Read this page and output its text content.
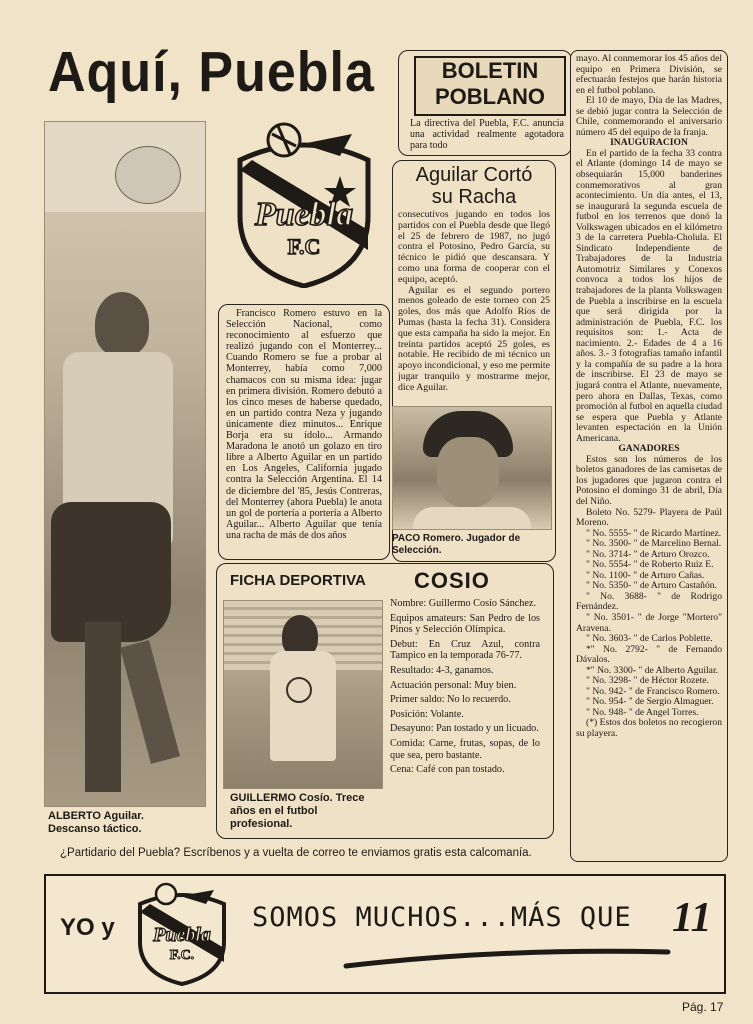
Aquí, Puebla
ALBERTO Aguilar. Descanso táctico.
Puebla
F.C
BOLETIN
POBLANO
La directiva del Puebla, F.C. anuncia una actividad realmente agotadora para todo
Aguilar Cortó
su Racha

consecutivos jugando en todos los partidos con el Puebla desde que llegó el 25 de febrero de 1987, no jugó contra el Potosino, Pedro García, su técnico le pidió que descansara. Y como una forma de cooperar con el equipo, aceptó.

Aguilar es el segundo portero menos goleado de este torneo con 25 goles, dos más que Adolfo Ríos de Pumas (hasta la fecha 31). Considera que esta campaña ha sido la mejor. En treinta partidos aceptó 25 goles, es notable. He recibido de mi técnico un apoyo incondicional, y eso me permite jugar tranquilo y mostrarme mejor, dice Aguilar.

PACO Romero. Jugador de Selección.

Francisco Romero estuvo en la Selección Nacional, como reconocimiento al esfuerzo que realizó jugando con el Monterrey... Cuando Romero se fue a probar al Monterrey, había como 7,000 chamacos con su misma idea: jugar en primera división. Romero debutó a los cinco meses de haberse quedado, en un partido contra Neza y jugando únicamente diez minutos... Enrique Borja era su ídolo... Armando Maradona le anotó un golazo en tiro libre a Alberto Aguilar en un partido en Los Angeles, California jugado contra la Selección Argentina. El 14 de diciembre del '85, Jesús Contreras, del Monterrey (ahora Puebla) le anota un gol de portería a portería a Alberto Aguilar... Alberto Aguilar que tenía una racha de más de dos años

FICHA DEPORTIVA COSIO
GUILLERMO Cosío. Trece años en el futbol profesional.

Nombre: Guillermo Cosío Sánchez.

Equipos amateurs: San Pedro de los Pinos y Selección Olímpica.

Debut: En Cruz Azul, contra Tampico en la temporada 76-77.

Resultado: 4-3, ganamos.

Actuación personal: Muy bien.

Primer saldo: No lo recuerdo.

Posición: Volante.

Desayuno: Pan tostado y un licuado.

Comida: Carne, frutas, sopas, de lo que sea, pero bastante.

Cena: Café con pan tostado.

mayo. Al conmemorar los 45 años del equipo en Primera División, se efectuarán festejos que harán historia en el futbol poblano.

El 10 de mayo, Día de las Madres, se debió jugar contra la Selección de Chile, conmemorando el aniversario número 45 del equipo de la franja.

INAUGURACION

En el partido de la fecha 33 contra el Atlante (domingo 14 de mayo se obsequiarán 15,000 banderines conmemorativos al gran acontecimiento. Un día antes, el 13, se inaugurará la segunda escuela de futbol en los terrenos que donó la Volkswagen ubicados en el kilómetro 3 de la carretera Puebla-Cholula. El Sindicato Independiente de Trabajadores de la Industria Automotriz Similares y Conexos convoca a todos los hijos de trabajadores de la planta Volkswagen de Puebla a inscribirse en la escuela que será dirigida por la administración de Puebla, F.C. los requisitos son: 1.- Acta de nacimiento. 2.- Edades de 4 a 16 años. 3.- 3 fotografías tamaño infantil y la compañía de su padre a la hora de inscribirse. El 23 de mayo se jugará contra el Atlante, nuevamente, pero ahora en Dallas, Texas, como promoción al futbol en aquella ciudad se espera que Puebla y Atlante levanten espectación en la Unión Americana.

GANADORES

Estos son los números de los boletos ganadores de las camisetas de los jugadores que jugaron contra el Potosino el domingo 31 de abril, Día del Niño.

Boleto No. 5279- Playera de Paúl Moreno.

" No. 5555- " de Ricardo Martínez.

" No. 3500- " de Marcelino Bernal.

" No. 3714- " de Arturo Orozco.

" No. 5554- " de Roberto Ruiz E.

" No. 1100- " de Arturo Cañas.

" No. 5350- " de Arturo Castañón.

" No. 3688- " de Rodrigo Fernández.

" No. 3501- " de Jorge "Mortero" Aravena.

" No. 3603- " de Carlos Poblette.

*" No. 2792- " de Fernando Dávalos.

*" No. 3300- " de Alberto Aguilar.

" No. 3298- " de Héctor Rozete.

" No. 942- " de Francisco Romero.

" No. 954- " de Sergio Almaguer.

" No. 948- " de Angel Torres.

(*) Estos dos boletos no recogieron su playera.

¿Partidario del Puebla? Escríbenos y a vuelta de correo te enviamos gratis esta calcomanía.
YO y	Puebla
F.C.
SOMOS MUCHOS...MÁS QUE 11
Pág. 17
